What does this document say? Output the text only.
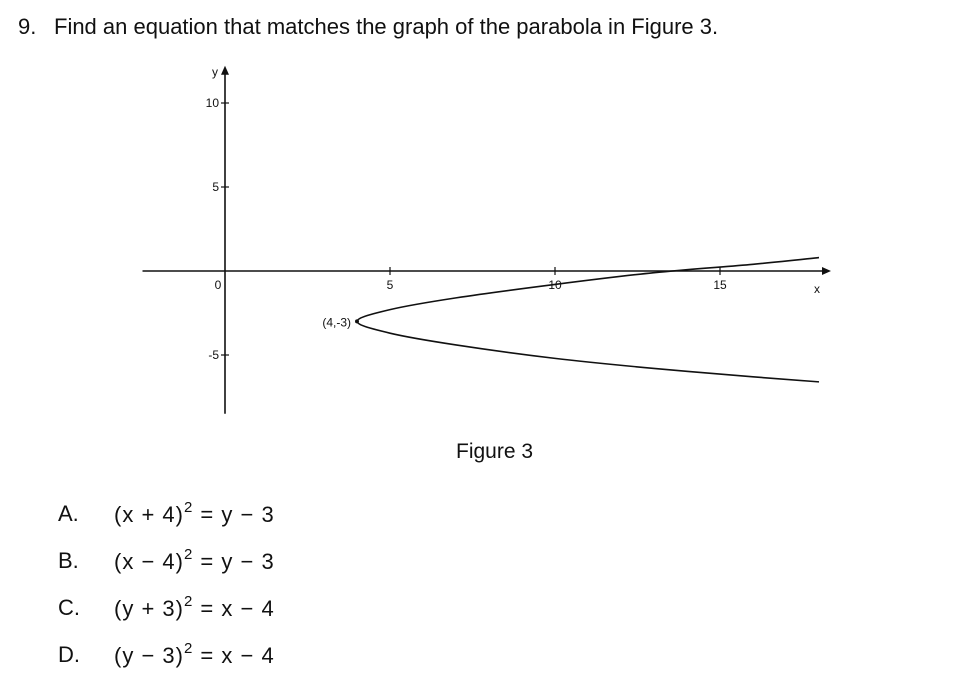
9. Find an equation that matches the graph of the parabola in Figure 3.
0	5	10	15
10
5
-5
x
y
(4,-3)
Figure 3
A.	$(x + 4)^2 = y - 3$
B.	$(x - 4)^2 = y - 3$
C.	$(y + 3)^2 = x - 4$
D.	$(y - 3)^2 = x - 4$
